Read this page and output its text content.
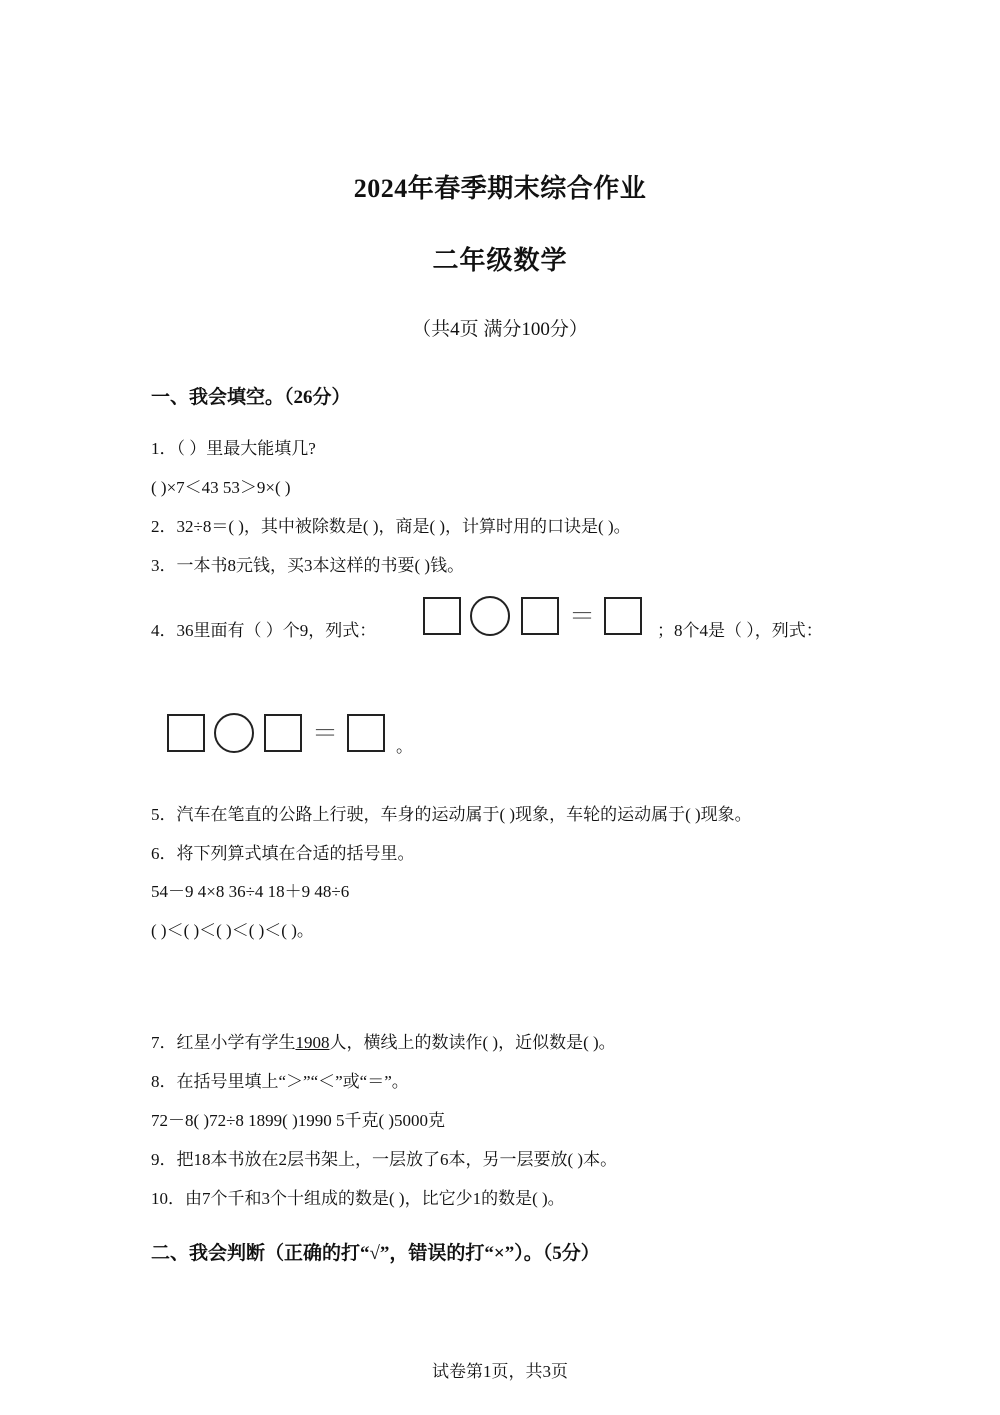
2024年春季期末综合作业
二年级数学
（共4页 满分100分）
一、我会填空。（26分）
1．（ ）里最大能填几?
( )×7＜43 53＞9×( )
2．32÷8＝( )，其中被除数是( )，商是( )，计算时用的口诀是( )。
3．一本书8元钱，买3本这样的书要( )钱。
4．36里面有（ ）个9，列式：	＝	；8个4是（ ），列式：
＝	。
5．汽车在笔直的公路上行驶，车身的运动属于( )现象，车轮的运动属于( )现象。
6．将下列算式填在合适的括号里。
54－9 4×8 36÷4 18＋9 48÷6
( )＜( )＜( )＜( )＜( )。
7．红星小学有学生1908人，横线上的数读作( )，近似数是( )。
8．在括号里填上“＞”“＜”或“＝”。
72－8( )72÷8 1899( )1990 5千克( )5000克
9．把18本书放在2层书架上，一层放了6本，另一层要放( )本。
10．由7个千和3个十组成的数是( )，比它少1的数是( )。
二、我会判断（正确的打“√”，错误的打“×”）。（5分）
试卷第1页，共3页
